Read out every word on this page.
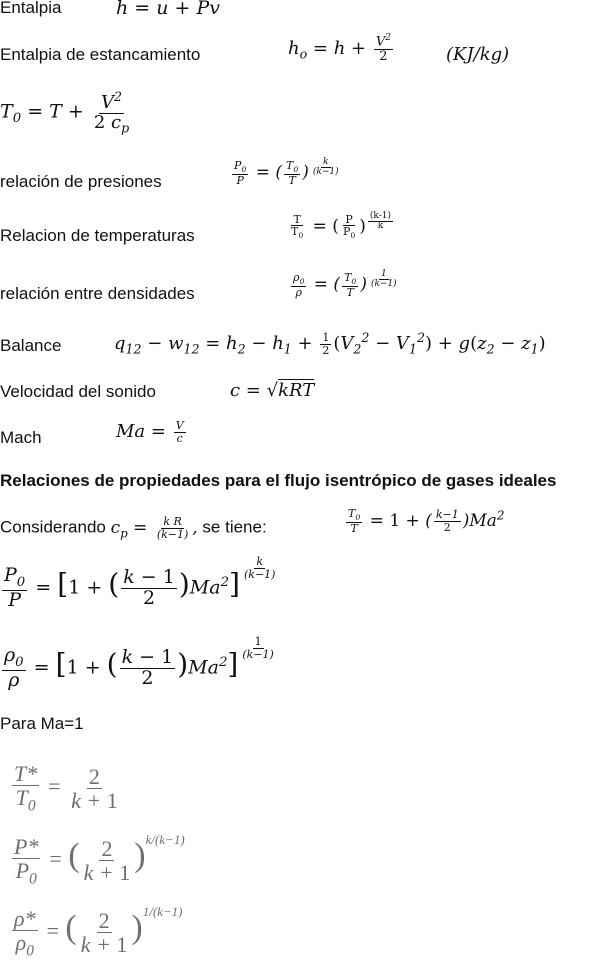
Entalpia	h = u + Pv
Entalpia de estancamiento	$h_o = h + \frac{V^2}{2}$	(KJ/kg)
$T_0 = T + \frac{V^2}{2 c_p}$
relación de presiones	$\frac{P_0}{P}$ = ( $\frac{T_0}{T}$ ) $^{\frac{k}{(k-1)}}$
Relacion de temperaturas	$\frac{T}{T_0}$ = ( $\frac{P}{P_0}$ ) $^{\frac{(k-1)}{k}}$
relación entre densidades	$\frac{\rho_0}{\rho}$ = ( $\frac{T_0}{T}$ ) $^{\frac{1}{(k-1)}}$
Balance	$q_{12} - w_{12} = h_2 - h_1 + \frac{1}{2} (V_2^2 - V_1^2) + g(z_2 - z_1)$
Velocidad del sonido	c = √kRT
Mach	$Ma = \frac{V}{c}$
Relaciones de propiedades para el flujo isentrópico de gases ideales
Considerando $c_p = \frac{\text{k R}}{(k-1)}$ , se tiene:	$\frac{T_0}{T} = 1$ + ( $\frac{k-1}{2} )Ma^2$
$\frac{P_0}{P} = [1$ + ( $\frac{k - 1}{2} )Ma^2$] $^{\frac{k}{(k-1)}}$
$\frac{\rho_0}{\rho} = [1$ + ( $\frac{k - 1}{2} )Ma^2$] $^{\frac{1}{(k-1)}}$
Para Ma=1
$\frac{T*}{T_0} = \frac{2}{k + 1}$
$\frac{P*}{P_0}$ = ( $\frac{2}{k + 1} )^{k/(k-1)}$
$\frac{\rho*}{\rho_0}$ = ( $\frac{2}{k + 1} )^{1/(k-1)}$
